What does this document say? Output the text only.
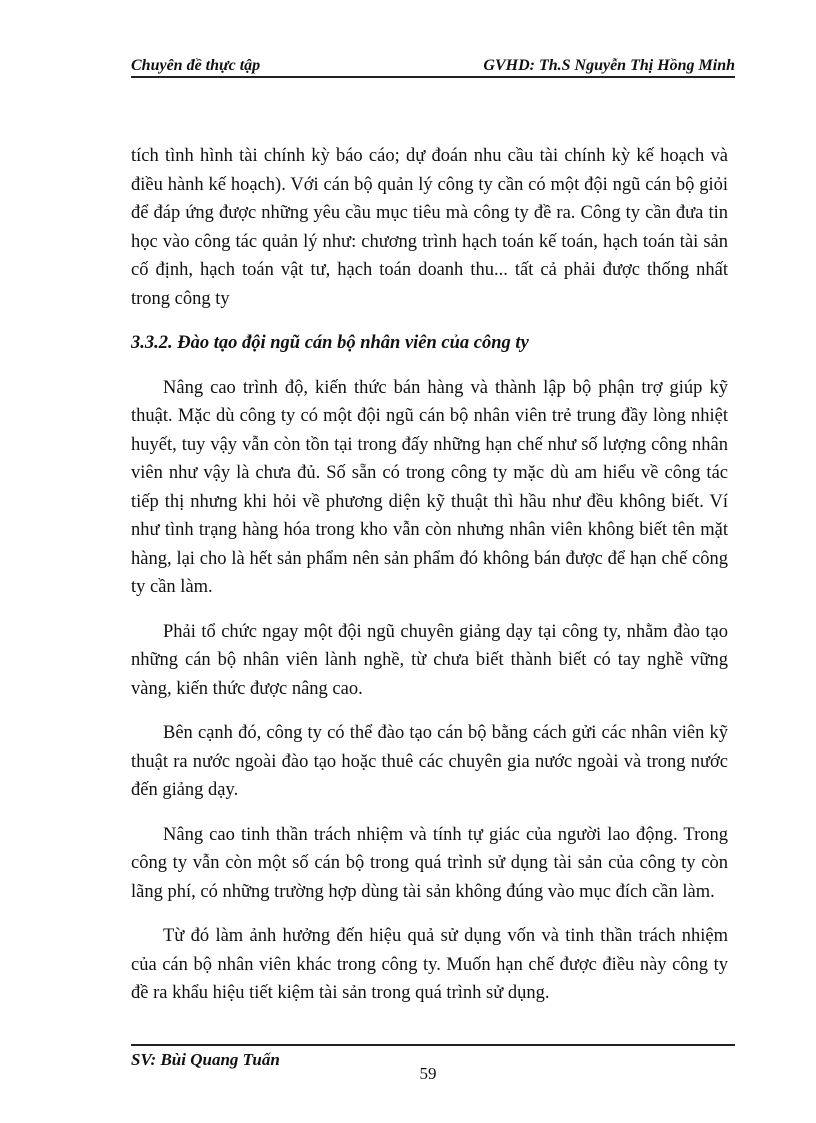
Chuyên đề thực tập	GVHD: Th.S Nguyễn Thị Hồng Minh

tích tình hình tài chính kỳ báo cáo; dự đoán nhu cầu tài chính kỳ kế hoạch và điều hành kế hoạch). Với cán bộ quản lý công ty cần có một đội ngũ cán bộ giỏi để đáp ứng được những yêu cầu mục tiêu mà công ty đề ra. Công ty cần đưa tin học vào công tác quản lý như: chương trình hạch toán kế toán, hạch toán tài sản cố định, hạch toán vật tư, hạch toán doanh thu... tất cả phải được thống nhất trong công ty

3.3.2. Đào tạo đội ngũ cán bộ nhân viên của công ty

Nâng cao trình độ, kiến thức bán hàng và thành lập bộ phận trợ giúp kỹ thuật. Mặc dù công ty có một đội ngũ cán bộ nhân viên trẻ trung đầy lòng nhiệt huyết, tuy vậy vẫn còn tồn tại trong đấy những hạn chế như số lượng công nhân viên như vậy là chưa đủ. Số sẵn có trong công ty mặc dù am hiểu về công tác tiếp thị nhưng khi hỏi về phương diện kỹ thuật thì hầu như đều không biết. Ví như tình trạng hàng hóa trong kho vẫn còn nhưng nhân viên không biết tên mặt hàng, lại cho là hết sản phẩm nên sản phẩm đó không bán được để hạn chế công ty cần làm.

Phải tổ chức ngay một đội ngũ chuyên giảng dạy tại công ty, nhằm đào tạo những cán bộ nhân viên lành nghề, từ chưa biết thành biết có tay nghề vững vàng, kiến thức được nâng cao.

Bên cạnh đó, công ty có thể đào tạo cán bộ bằng cách gửi các nhân viên kỹ thuật ra nước ngoài đào tạo hoặc thuê các chuyên gia nước ngoài và trong nước đến giảng dạy.

Nâng cao tinh thần trách nhiệm và tính tự giác của người lao động. Trong công ty vẫn còn một số cán bộ trong quá trình sử dụng tài sản của công ty còn lãng phí, có những trường hợp dùng tài sản không đúng vào mục đích cần làm.

Từ đó làm ảnh hưởng đến hiệu quả sử dụng vốn và tinh thần trách nhiệm của cán bộ nhân viên khác trong công ty. Muốn hạn chế được điều này công ty đề ra khẩu hiệu tiết kiệm tài sản trong quá trình sử dụng.

SV: Bùi Quang Tuấn
59
